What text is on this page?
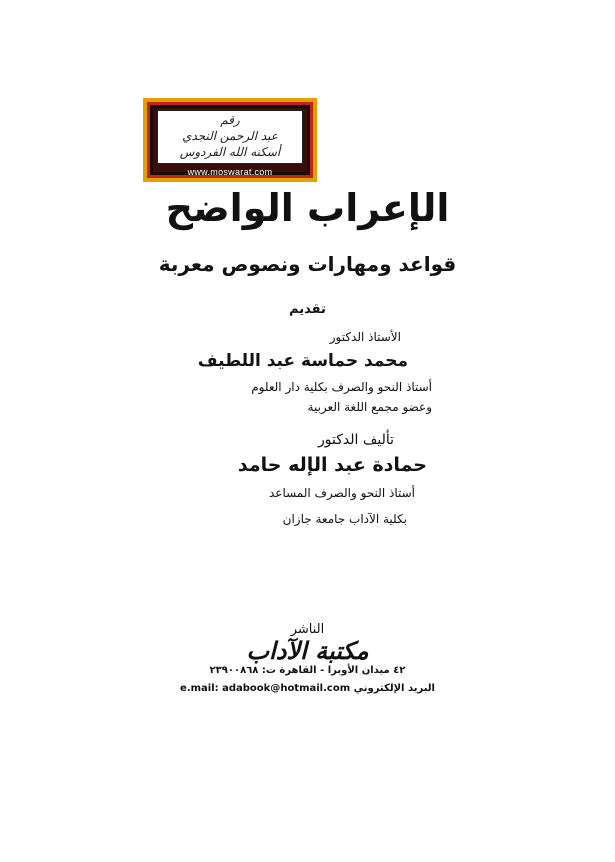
رقم
عبد الرحمن النجدي
أسكنه الله الفردوس
www.moswarat.com
الإعراب الواضح
قواعد ومهارات ونصوص معربة
تقديم
الأستاذ الدكتور
محمد حماسة عبد اللطيف
أستاذ النحو والصرف بكلية دار العلوم
وعضو مجمع اللغة العربية
تأليف الدكتور
حمادة عبد الإله حامد
أستاذ النحو والصرف المساعد
بكلية الآداب جامعة جازان
الناشر
مكتبة الآداب
٤٢ ميدان الأوبرا - القاهرة ت: ٢٣٩٠٠٨٦٨
البريد الإلكتروني e.mail: adabook@hotmail.com
